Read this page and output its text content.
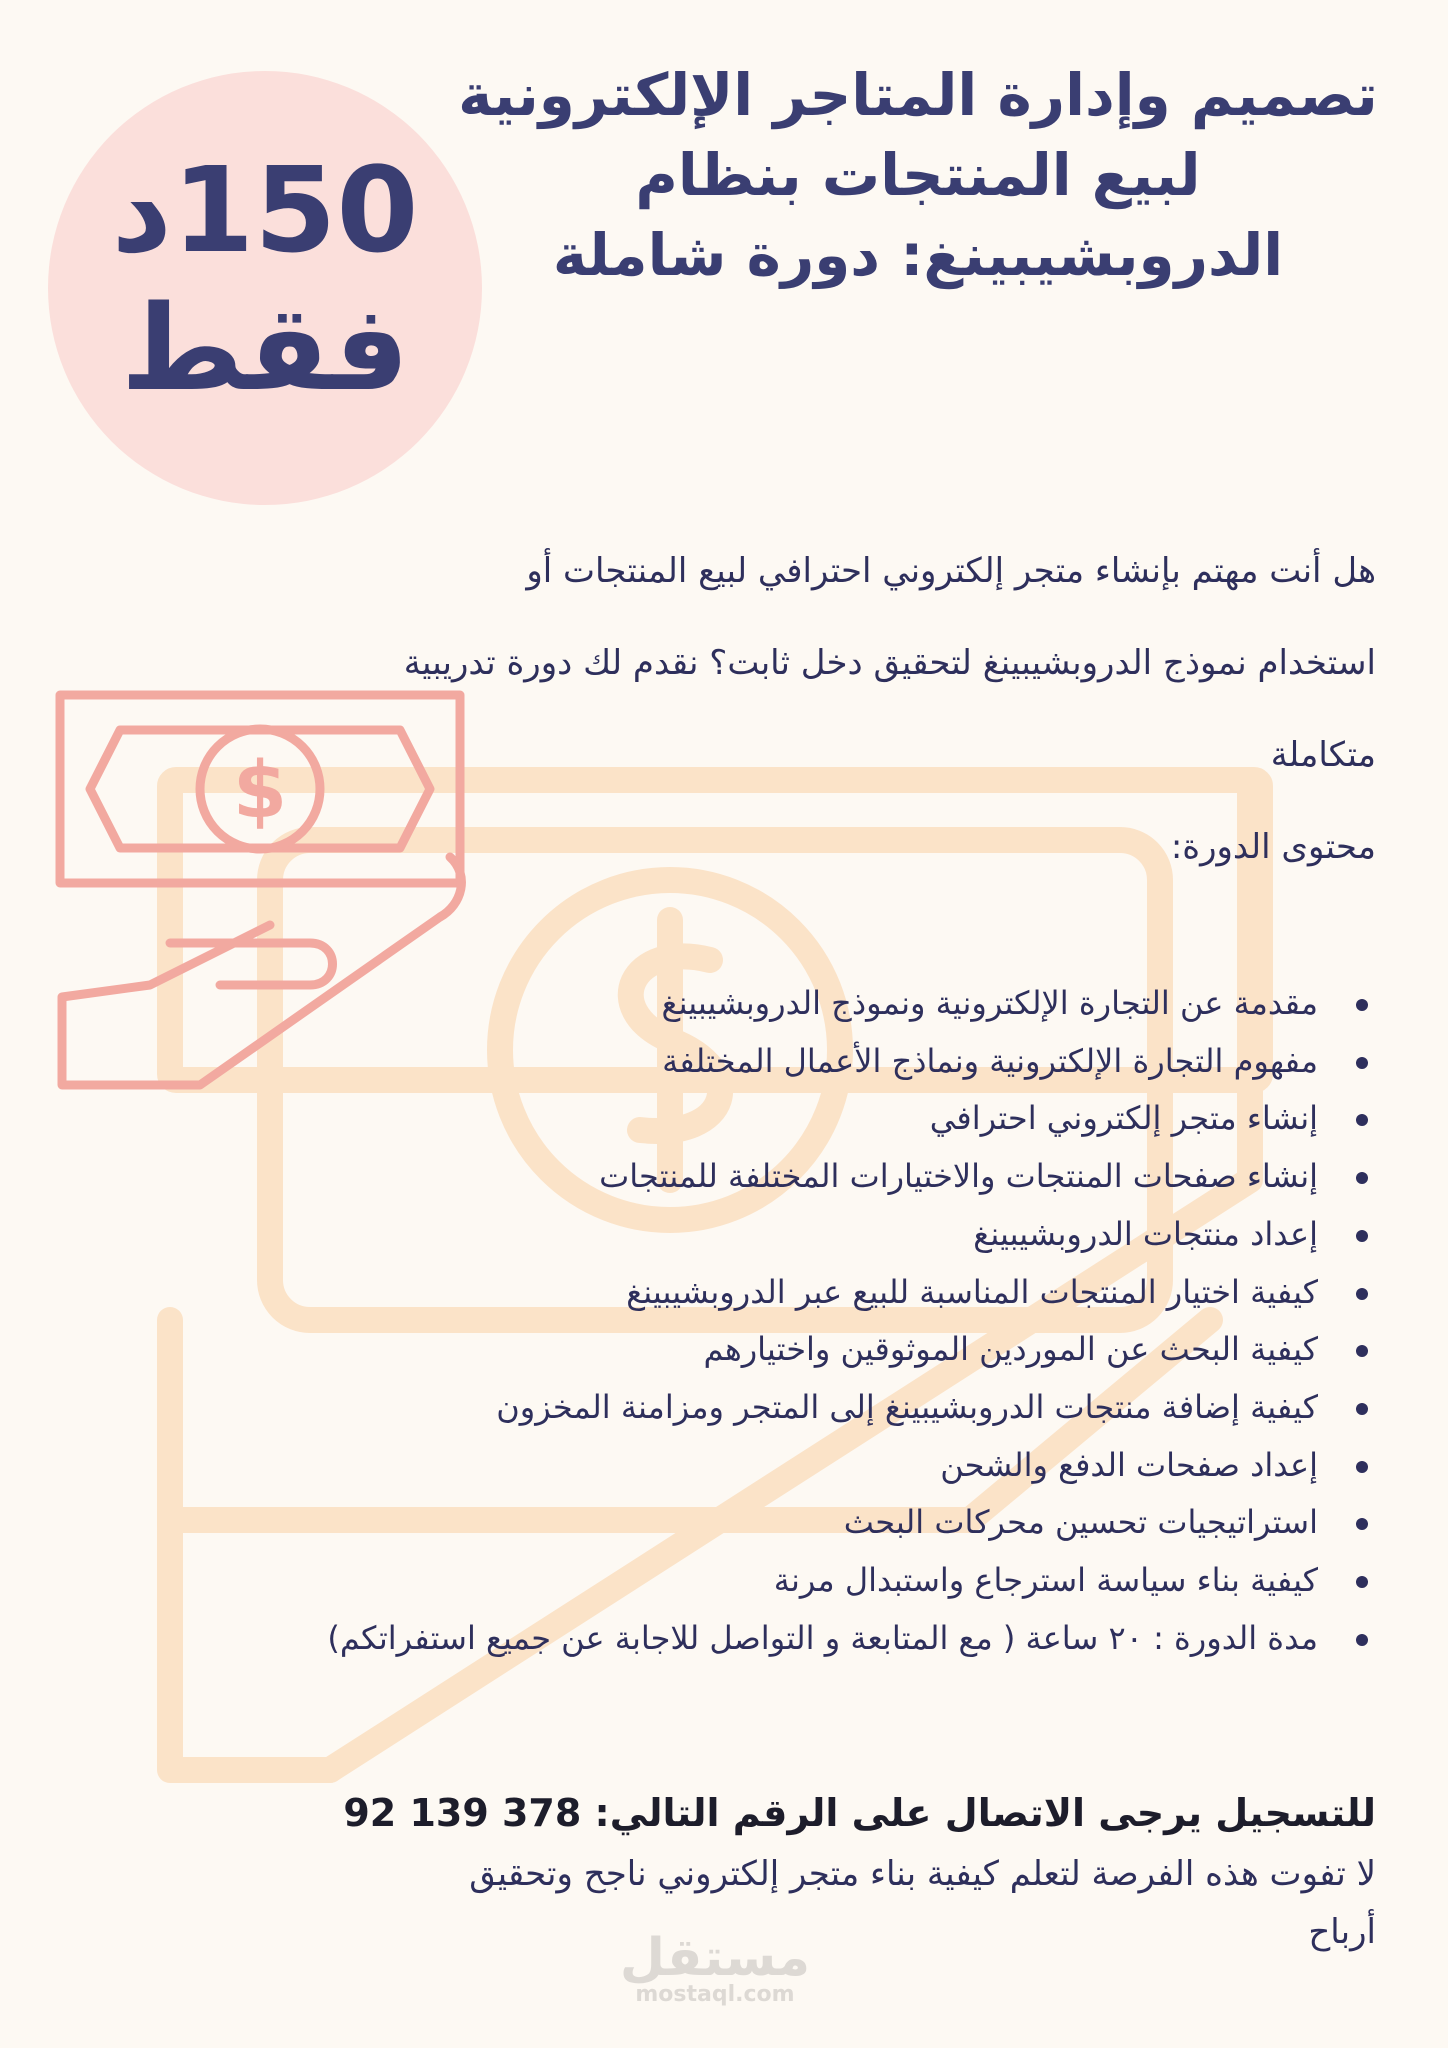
$
150د
فقط
تصميم وإدارة المتاجر الإلكترونية
لبيع المنتجات بنظام
الدروبشيبينغ: دورة شاملة
هل أنت مهتم بإنشاء متجر إلكتروني احترافي لبيع المنتجات أو
استخدام نموذج الدروبشيبينغ لتحقيق دخل ثابت؟ نقدم لك دورة تدريبية
متكاملة
محتوى الدورة:
مقدمة عن التجارة الإلكترونية ونموذج الدروبشيبينغ
مفهوم التجارة الإلكترونية ونماذج الأعمال المختلفة
إنشاء متجر إلكتروني احترافي
إنشاء صفحات المنتجات والاختيارات المختلفة للمنتجات
إعداد منتجات الدروبشيبينغ
كيفية اختيار المنتجات المناسبة للبيع عبر الدروبشيبينغ
كيفية البحث عن الموردين الموثوقين واختيارهم
كيفية إضافة منتجات الدروبشيبينغ إلى المتجر ومزامنة المخزون
إعداد صفحات الدفع والشحن
استراتيجيات تحسين محركات البحث
كيفية بناء سياسة استرجاع واستبدال مرنة
مدة الدورة : ٢٠ ساعة ( مع المتابعة و التواصل للاجابة عن جميع استفراتكم)
للتسجيل يرجى الاتصال على الرقم التالي: 92 139 378
لا تفوت هذه الفرصة لتعلم كيفية بناء متجر إلكتروني ناجح وتحقيق
أرباح
مستقل
mostaql.com
